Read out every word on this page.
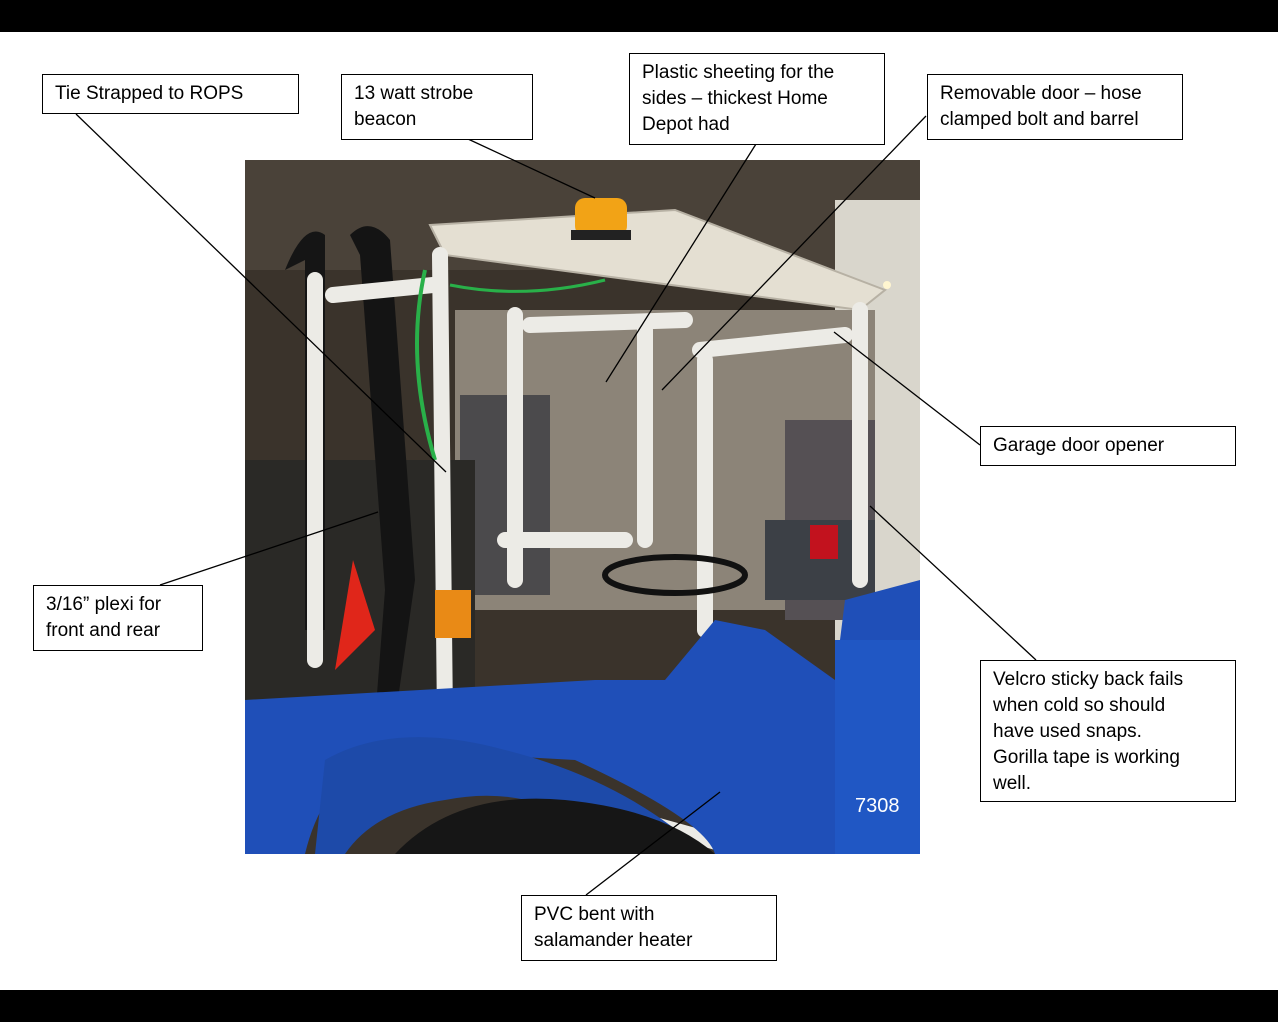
7308
Tie Strapped to ROPS	13 watt strobe
beacon
Plastic sheeting for the
sides – thickest Home
Depot had
Removable door – hose
clamped bolt and barrel
Garage door opener
3/16” plexi for
front and rear
Velcro sticky back fails
when cold so should
have used snaps.
Gorilla tape is working
well.
PVC bent with
salamander heater
